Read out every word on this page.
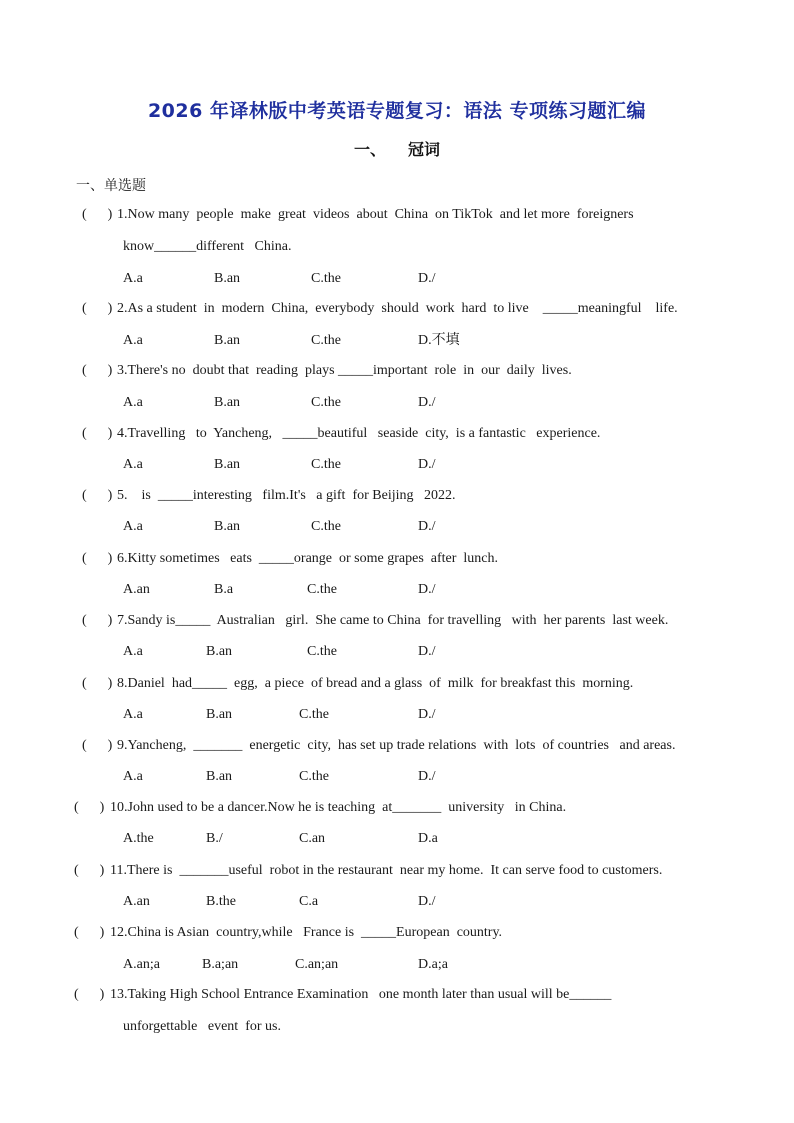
2026 年译林版中考英语专题复习：语法 专项练习题汇编
一、 冠词
一、单选题
(      ) 1.Now many  people  make  great  videos  about  China  on TikTok  and let more  foreigners
know______different   China.
A.a	B.an	C.the	D./
(      ) 2.As a student  in  modern  China,  everybody  should  work  hard  to live    _____meaningful    life.
A.a	B.an	C.the	D.不填
(      ) 3.There's no  doubt that  reading  plays _____important  role  in  our  daily  lives.
A.a	B.an	C.the	D./
(      ) 4.Travelling   to  Yancheng,   _____beautiful   seaside  city,  is a fantastic   experience.
A.a	B.an	C.the	D./
(      ) 5.    is  _____interesting   film.It's   a gift  for Beijing   2022.
A.a	B.an	C.the	D./
(      ) 6.Kitty sometimes   eats  _____orange  or some grapes  after  lunch.
A.an	B.a	C.the	D./
(      ) 7.Sandy is_____  Australian   girl.  She came to China  for travelling   with  her parents  last week.
A.a	B.an	C.the	D./
(      ) 8.Daniel  had_____  egg,  a piece  of bread and a glass  of  milk  for breakfast this  morning.
A.a	B.an	C.the	D./
(      ) 9.Yancheng,  _______  energetic  city,  has set up trade relations  with  lots  of countries   and areas.
A.a	B.an	C.the	D./
(      ) 10.John used to be a dancer.Now he is teaching  at_______  university   in China.
A.the	B./	C.an	D.a
(      ) 11.There is  _______useful  robot in the restaurant  near my home.  It can serve food to customers.
A.an	B.the	C.a	D./
(      ) 12.China is Asian  country,while   France is  _____European  country.
A.an;a	B.a;an	C.an;an	D.a;a
(      ) 13.Taking High School Entrance Examination   one month later than usual will be______
unforgettable   event  for us.
